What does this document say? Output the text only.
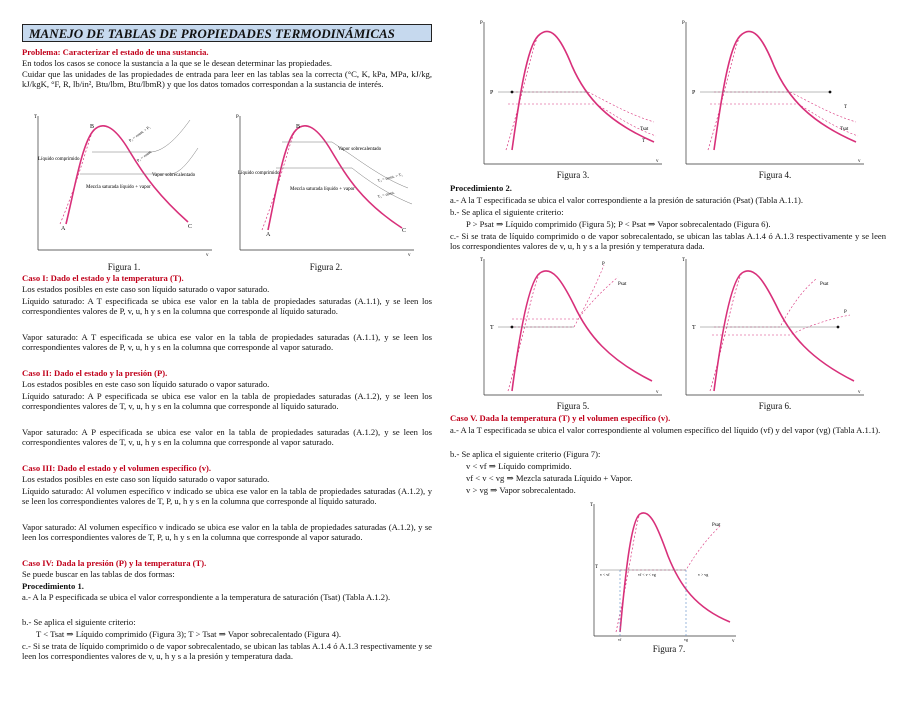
MANEJO DE TABLAS DE PROPIEDADES TERMODINÁMICAS
Problema: Caracterizar el estado de una sustancia.
En todos los casos se conoce la sustancia a la que se le desean determinar las propiedades.
Cuidar que las unidades de las propiedades de entrada para leer en las tablas sea la correcta (°C, K, kPa, MPa, kJ/kg, kJ/kgK, °F, R, lb/in², Btu/lbm, Btu/lbmR) y que los datos tomados correspondan a la sustancia de interés.
T
v
B
A	C
Líquido comprimido
Mezcla saturada líquido + vapor
Vapor sobrecalentado
P₂ = const. > P₁
P₁ = const.
Figura 1.
P
v
B
A
C
Líquido comprimido
Mezcla saturada líquido + vapor
Vapor sobrecalentado
T₂ = const. > T₁
T₁ = const.
Figura 2.
Caso I: Dado el estado y la temperatura (T).
Los estados posibles en este caso son líquido saturado o vapor saturado.
Líquido saturado: A T especificada se ubica ese valor en la tabla de propiedades saturadas (A.1.1), y se leen los correspondientes valores de P, v, u, h y s en la columna que corresponde al líquido saturado.
Vapor saturado: A T especificada se ubica ese valor en la tabla de propiedades saturadas (A.1.1), y se leen los correspondientes valores de P, v, u, h y s en la columna que corresponde al vapor saturado.
Caso II: Dado el estado y la presión (P).
Los estados posibles en este caso son líquido saturado o vapor saturado.
Líquido saturado: A P especificada se ubica ese valor en la tabla de propiedades saturadas (A.1.2), y se leen los correspondientes valores de T, v, u, h y s en la columna que corresponde al líquido saturado.
Vapor saturado: A P especificada se ubica ese valor en la tabla de propiedades saturadas (A.1.2), y se leen los correspondientes valores de T, v, u, h y s en la columna que corresponde al vapor saturado.
Caso III: Dado el estado y el volumen específico (v).
Los estados posibles en este caso son líquido saturado o vapor saturado.
Líquido saturado: Al volumen específico v indicado se ubica ese valor en la tabla de propiedades saturadas (A.1.2), y se leen los correspondientes valores de T, P, u, h y s en la columna que corresponde al líquido saturado.
Vapor saturado: Al volumen específico v indicado se ubica ese valor en la tabla de propiedades saturadas (A.1.2), y se leen los correspondientes valores de T, P, u, h y s en la columna que corresponde al vapor saturado.
Caso IV: Dada la presión (P) y la temperatura (T).
Se puede buscar en las tablas de dos formas:
Procedimiento 1.
a.- A la P especificada se ubica el valor correspondiente a la temperatura de saturación (Tsat) (Tabla A.1.2).
b.- Se aplica el siguiente criterio:
T < Tsat ⇒ Líquido comprimido (Figura 3); T > Tsat ⇒ Vapor sobrecalentado (Figura 4).
c.- Si se trata de líquido comprimido o de vapor sobrecalentado, se ubican las tablas A.1.4 ó A.1.3 respectivamente y se leen los correspondientes valores de v, u, h y s a la presión y temperatura dada.
P
v
P
Tsat
T
Figura 3.
P
v
P
T
Tsat
Figura 4.
Procedimiento 2.
a.- A la T especificada se ubica el valor correspondiente a la presión de saturación (Psat) (Tabla A.1.1).
b.- Se aplica el siguiente criterio:
P > Psat ⇒ Líquido comprimido (Figura 5); P < Psat ⇒ Vapor sobrecalentado (Figura 6).
c.- Si se trata de líquido comprimido o de vapor sobrecalentado, se ubican las tablas A.1.4 ó A.1.3 respectivamente y se leen los correspondientes valores de v, u, h y s a la presión y temperatura dada.
T
v
T
P
Psat
Figura 5.
T
v
T
Psat
P
Figura 6.
Caso V. Dada la temperatura (T) y el volumen específico (v).
a.- A la T especificada se ubica el valor correspondiente al volumen específico del líquido (vf) y del vapor (vg) (Tabla A.1.1).
b.- Se aplica el siguiente criterio (Figura 7):
v < vf ⇒ Líquido comprimido.
vf < v < vg ⇒ Mezcla saturada Líquido + Vapor.
v > vg ⇒ Vapor sobrecalentado.
T
v
T
Psat
v < vf	vf < v < vg	v > vg
vf	vg
Figura 7.
